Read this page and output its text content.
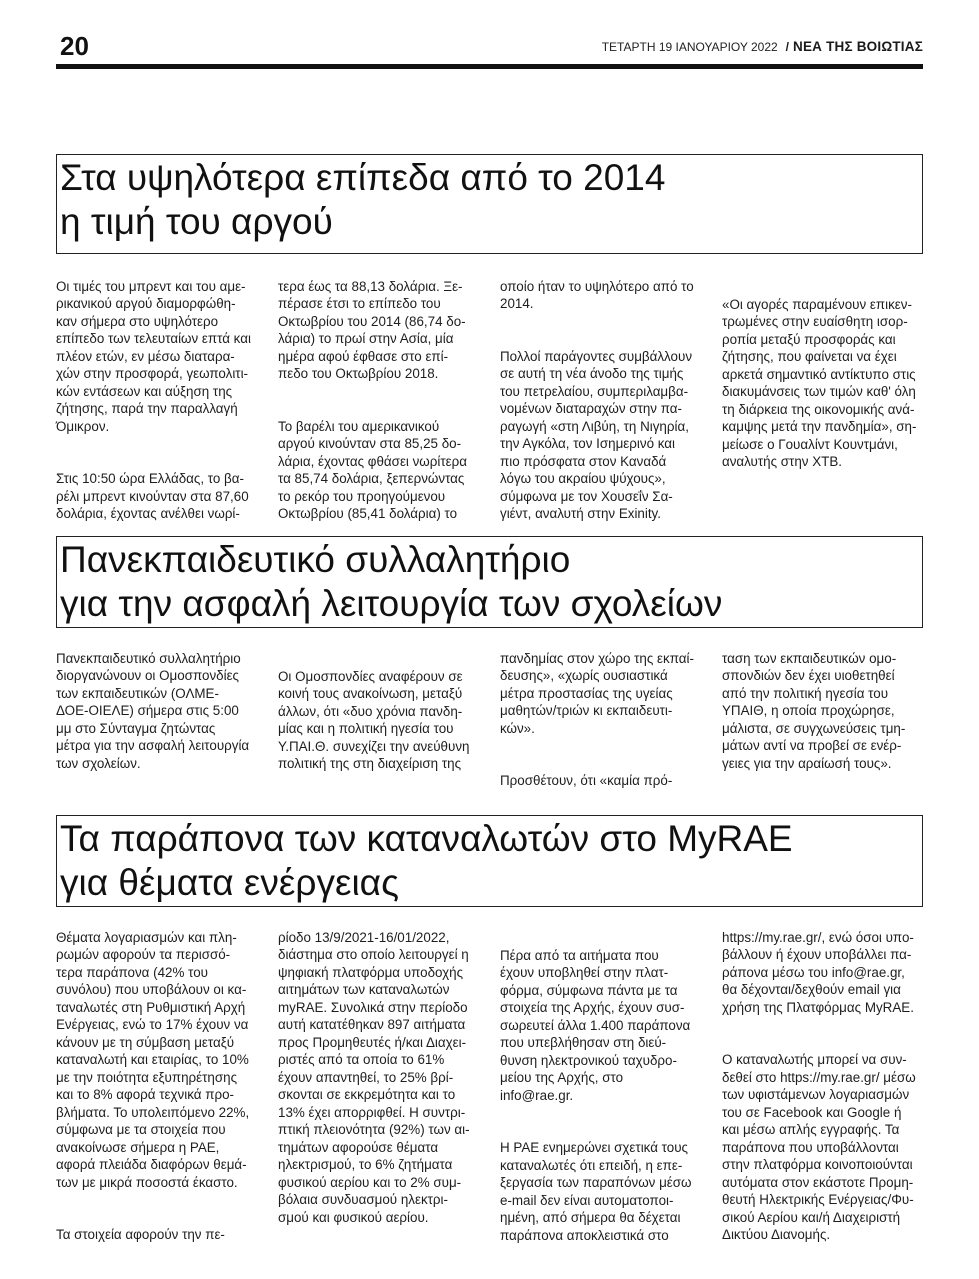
20	ΤΕΤΑΡΤΗ 19 ΙΑΝΟΥΑΡΙΟΥ 2022 / ΝΕΑ ΤΗΣ ΒΟΙΩΤΙΑΣ
Στα υψηλότερα επίπεδα από το 2014
η τιμή του αργού

Οι τιμές του μπρεντ και του αμε-
ρικανικού αργού διαμορφώθη-
καν σήμερα στο υψηλότερο
επίπεδο των τελευταίων επτά και
πλέον ετών, εν μέσω διαταρα-
χών στην προσφορά, γεωπολιτι-
κών εντάσεων και αύξηση της
ζήτησης, παρά την παραλλαγή
Όμικρον.

Στις 10:50 ώρα Ελλάδας, το βα-
ρέλι μπρεντ κινούνταν στα 87,60
δολάρια, έχοντας ανέλθει νωρί-

τερα έως τα 88,13 δολάρια. Ξε-
πέρασε έτσι το επίπεδο του
Οκτωβρίου του 2014 (86,74 δο-
λάρια) το πρωί στην Ασία, μία
ημέρα αφού έφθασε στο επί-
πεδο του Οκτωβρίου 2018.

Το βαρέλι του αμερικανικού
αργού κινούνταν στα 85,25 δο-
λάρια, έχοντας φθάσει νωρίτερα
τα 85,74 δολάρια, ξεπερνώντας
το ρεκόρ του προηγούμενου
Οκτωβρίου (85,41 δολάρια) το

οποίο ήταν το υψηλότερο από το
2014.

Πολλοί παράγοντες συμβάλλουν
σε αυτή τη νέα άνοδο της τιμής
του πετρελαίου, συμπεριλαμβα-
νομένων διαταραχών στην πα-
ραγωγή «στη Λιβύη, τη Νιγηρία,
την Αγκόλα, τον Ισημερινό και
πιο πρόσφατα στον Καναδά
λόγω του ακραίου ψύχους»,
σύμφωνα με τον Χουσεΐν Σα-
γιέντ, αναλυτή στην Exinity.

«Οι αγορές παραμένουν επικεν-
τρωμένες στην ευαίσθητη ισορ-
ροπία μεταξύ προσφοράς και
ζήτησης, που φαίνεται να έχει
αρκετά σημαντικό αντίκτυπο στις
διακυμάνσεις των τιμών καθ' όλη
τη διάρκεια της οικονομικής ανά-
καμψης μετά την πανδημία», ση-
μείωσε ο Γουαλίντ Κουντμάνι,
αναλυτής στην XTB.

Πανεκπαιδευτικό συλλαλητήριο
για την ασφαλή λειτουργία των σχολείων

Πανεκπαιδευτικό συλλαλητήριο
διοργανώνουν οι Ομοσπονδίες
των εκπαιδευτικών (ΟΛΜΕ-
ΔΟΕ-ΟΙΕΛΕ) σήμερα στις 5:00
μμ στο Σύνταγμα ζητώντας
μέτρα για την ασφαλή λειτουργία
των σχολείων.

Οι Ομοσπονδίες αναφέρουν σε
κοινή τους ανακοίνωση, μεταξύ
άλλων, ότι «δυο χρόνια πανδη-
μίας και η πολιτική ηγεσία του
Υ.ΠΑΙ.Θ. συνεχίζει την ανεύθυνη
πολιτική της στη διαχείριση της

πανδημίας στον χώρο της εκπαί-
δευσης», «χωρίς ουσιαστικά
μέτρα προστασίας της υγείας
μαθητών/τριών κι εκπαιδευτι-
κών».

Προσθέτουν, ότι «καμία πρό-

ταση των εκπαιδευτικών ομο-
σπονδιών δεν έχει υιοθετηθεί
από την πολιτική ηγεσία του
ΥΠΑΙΘ, η οποία προχώρησε,
μάλιστα, σε συγχωνεύσεις τμη-
μάτων αντί να προβεί σε ενέρ-
γειες για την αραίωσή τους».

Τα παράπονα των καταναλωτών στο MyRAE
για θέματα ενέργειας

Θέματα λογαριασμών και πλη-
ρωμών αφορούν τα περισσό-
τερα παράπονα (42% του
συνόλου) που υποβάλουν οι κα-
ταναλωτές στη Ρυθμιστική Αρχή
Ενέργειας, ενώ το 17% έχουν να
κάνουν με τη σύμβαση μεταξύ
καταναλωτή και εταιρίας, το 10%
με την ποιότητα εξυπηρέτησης
και το 8% αφορά τεχνικά προ-
βλήματα. Το υπολειπόμενο 22%,
σύμφωνα με τα στοιχεία που
ανακοίνωσε σήμερα η ΡΑΕ,
αφορά πλειάδα διαφόρων θεμά-
των με μικρά ποσοστά έκαστο.

Τα στοιχεία αφορούν την πε-

ρίοδο 13/9/2021-16/01/2022,
διάστημα στο οποίο λειτουργεί η
ψηφιακή πλατφόρμα υποδοχής
αιτημάτων των καταναλωτών
myRAE. Συνολικά στην περίοδο
αυτή κατατέθηκαν 897 αιτήματα
προς Προμηθευτές ή/και Διαχει-
ριστές από τα οποία το 61%
έχουν απαντηθεί, το 25% βρί-
σκονται σε εκκρεμότητα και το
13% έχει απορριφθεί. Η συντρι-
πτική πλειονότητα (92%) των αι-
τημάτων αφορούσε θέματα
ηλεκτρισμού, το 6% ζητήματα
φυσικού αερίου και το 2% συμ-
βόλαια συνδυασμού ηλεκτρι-
σμού και φυσικού αερίου.

Πέρα από τα αιτήματα που
έχουν υποβληθεί στην πλατ-
φόρμα, σύμφωνα πάντα με τα
στοιχεία της Αρχής, έχουν συσ-
σωρευτεί άλλα 1.400 παράπονα
που υπεβλήθησαν στη διεύ-
θυνση ηλεκτρονικού ταχυδρο-
μείου της Αρχής, στο
info@rae.gr.

Η ΡΑΕ ενημερώνει σχετικά τους
καταναλωτές ότι επειδή, η επε-
ξεργασία των παραπόνων μέσω
e-mail δεν είναι αυτοματοποι-
ημένη, από σήμερα θα δέχεται
παράπονα αποκλειστικά στο

https://my.rae.gr/, ενώ όσοι υπο-
βάλλουν ή έχουν υποβάλλει πα-
ράπονα μέσω του info@rae.gr,
θα δέχονται/δεχθούν email για
χρήση της Πλατφόρμας MyRAE.

Ο καταναλωτής μπορεί να συν-
δεθεί στο https://my.rae.gr/ μέσω
των υφιστάμενων λογαριασμών
του σε Facebook και Google ή
και μέσω απλής εγγραφής. Τα
παράπονα που υποβάλλονται
στην πλατφόρμα κοινοποιούνται
αυτόματα στον εκάστοτε Προμη-
θευτή Ηλεκτρικής Ενέργειας/Φυ-
σικού Αερίου και/ή Διαχειριστή
Δικτύου Διανομής.
